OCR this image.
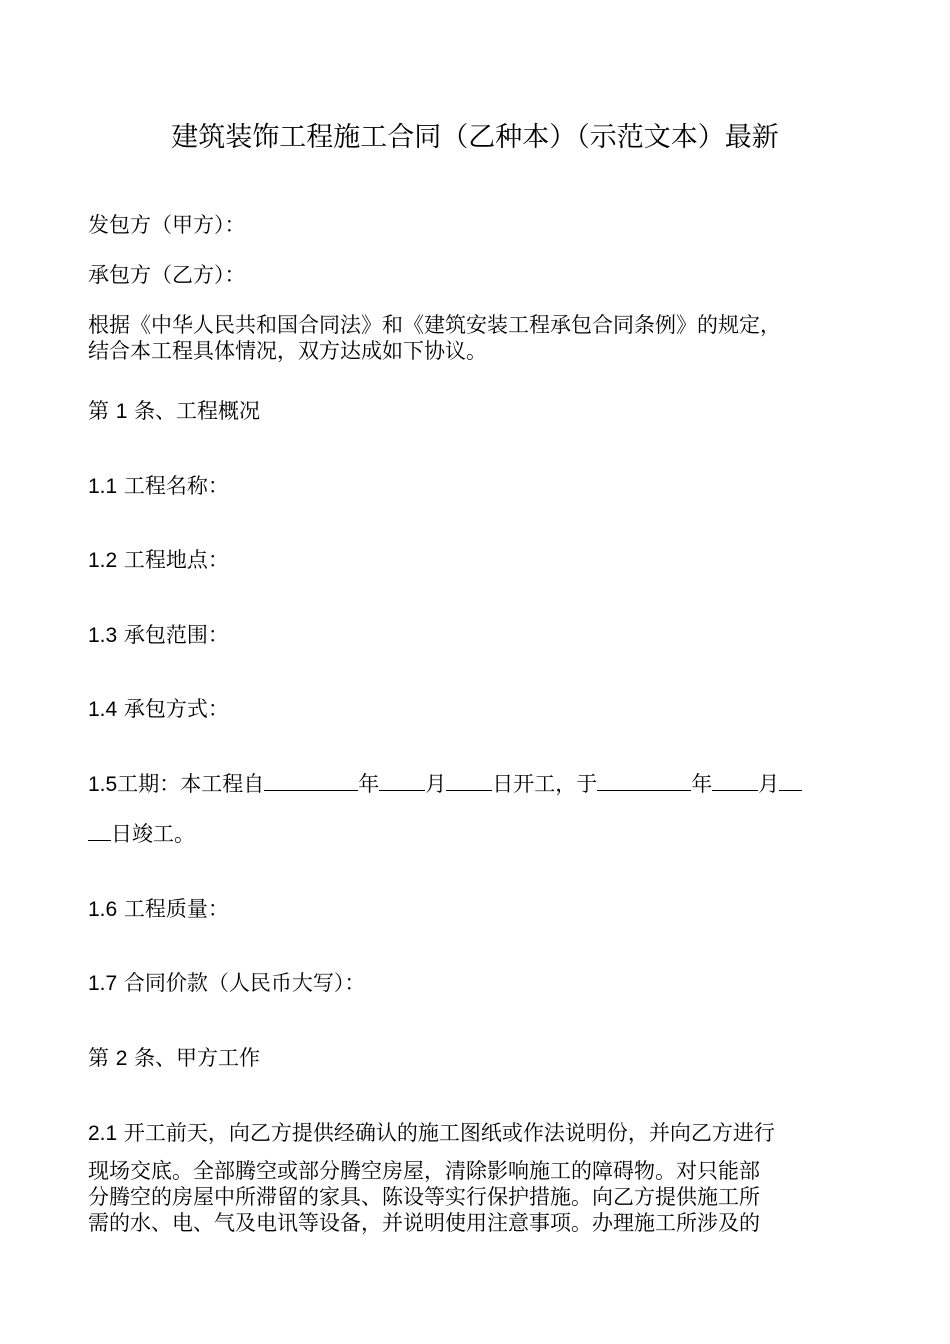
建筑装饰工程施工合同（乙种本）（示范文本）最新
发包方（甲方）：
承包方（乙方）：
根据《中华人民共和国合同法》和《建筑安装工程承包合同条例》的规定，
结合本工程具体情况，双方达成如下协议。
第 1 条、工程概况
1.1 工程名称：
1.2 工程地点：
1.3 承包范围：
1.4 承包方式：
1.5工期：本工程自	年 月 日开工，于	年 月
日竣工。
1.6 工程质量：
1.7 合同价款（人民币大写）：
第 2 条、甲方工作
2.1 开工前天，向乙方提供经确认的施工图纸或作法说明份，并向乙方进行
现场交底。全部腾空或部分腾空房屋，清除影响施工的障碍物。对只能部
分腾空的房屋中所滞留的家具、陈设等实行保护措施。向乙方提供施工所
需的水、电、气及电讯等设备，并说明使用注意事项。办理施工所涉及的
